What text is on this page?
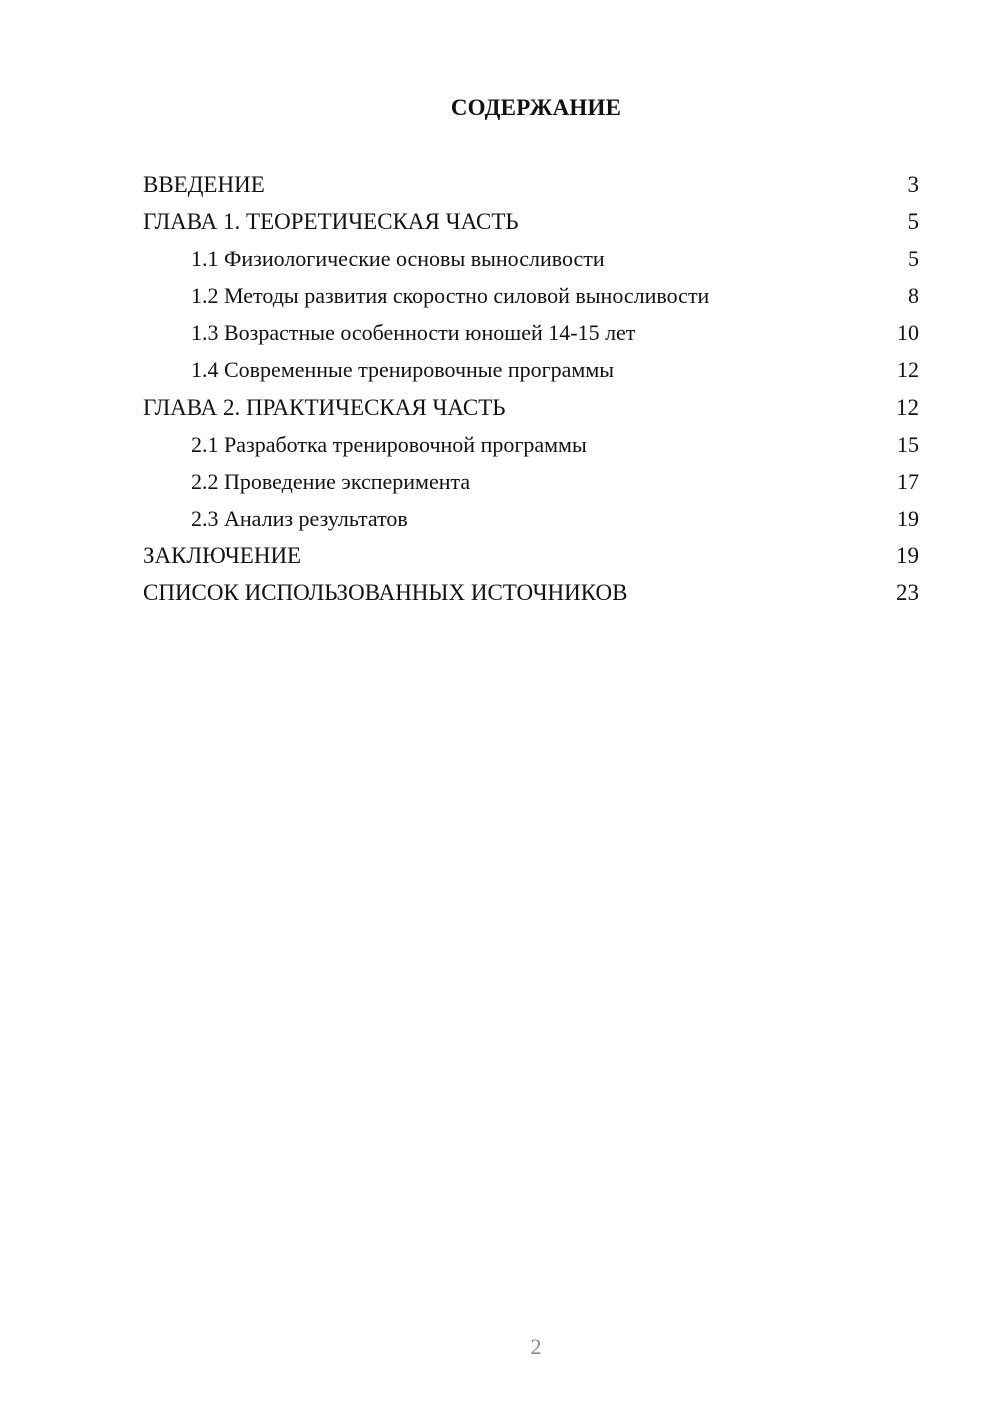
СОДЕРЖАНИЕ
ВВЕДЕНИЕ	3
ГЛАВА 1. ТЕОРЕТИЧЕСКАЯ ЧАСТЬ	5
1.1 Физиологические основы выносливости	5
1.2 Методы развития скоростно силовой выносливости	8
1.3 Возрастные особенности юношей 14-15 лет	10
1.4 Современные тренировочные программы	12
ГЛАВА 2. ПРАКТИЧЕСКАЯ ЧАСТЬ	12
2.1 Разработка тренировочной программы	15
2.2 Проведение эксперимента	17
2.3 Анализ результатов	19
ЗАКЛЮЧЕНИЕ	19
СПИСОК ИСПОЛЬЗОВАННЫХ ИСТОЧНИКОВ	23
2
